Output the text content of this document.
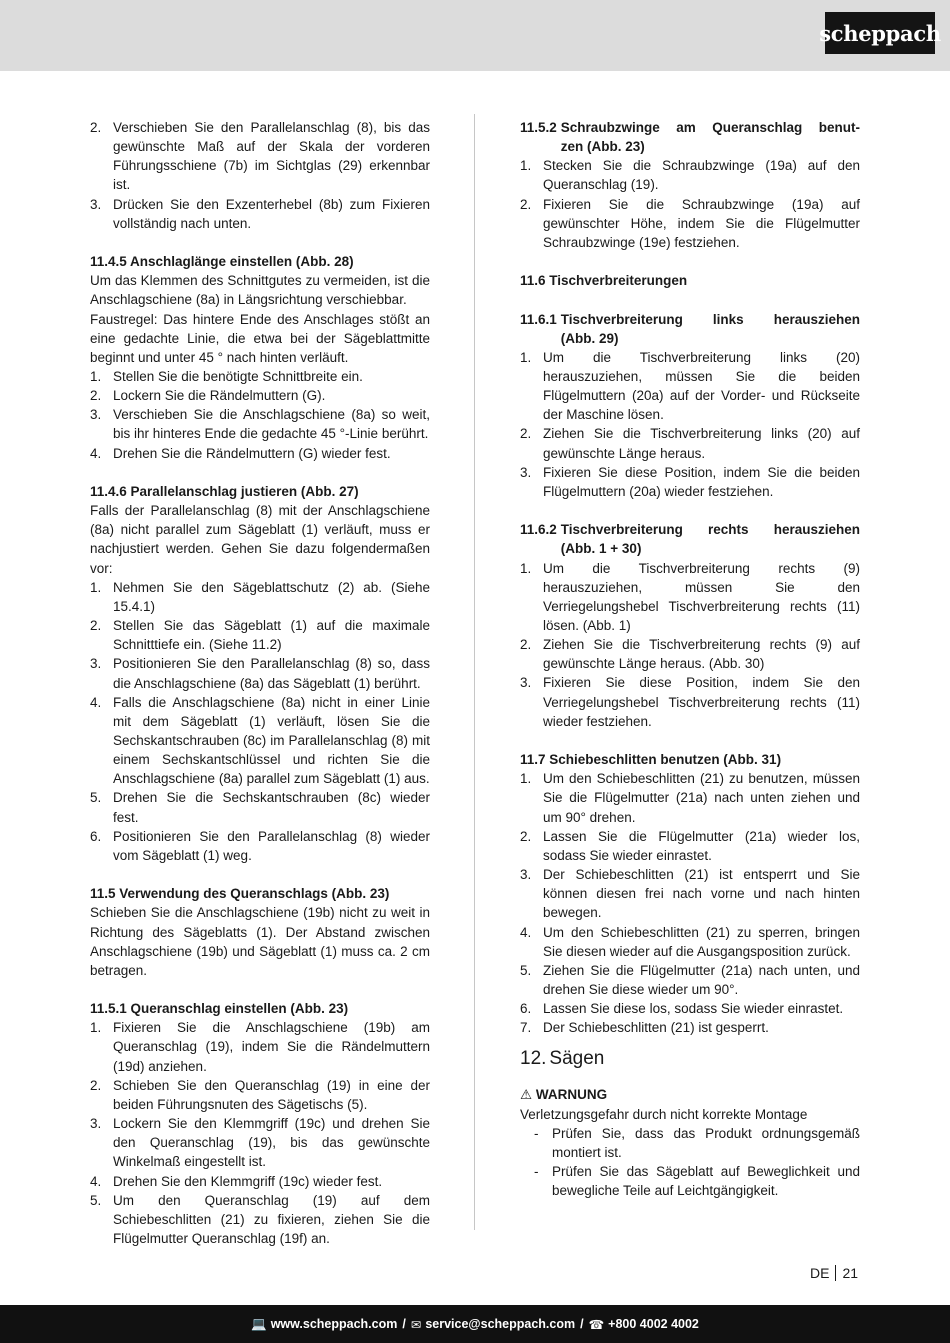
scheppach
2. Verschieben Sie den Parallelanschlag (8), bis das gewünschte Maß auf der Skala der vorderen Führungsschiene (7b) im Sichtglas (29) erkennbar ist.
3. Drücken Sie den Exzenterhebel (8b) zum Fixieren vollständig nach unten.
11.4.5 Anschlaglänge einstellen (Abb. 28)
Um das Klemmen des Schnittgutes zu vermeiden, ist die Anschlagschiene (8a) in Längsrichtung verschiebbar.
Faustregel: Das hintere Ende des Anschlages stößt an eine gedachte Linie, die etwa bei der Sägeblattmitte beginnt und unter 45 ° nach hinten verläuft.
1. Stellen Sie die benötigte Schnittbreite ein.
2. Lockern Sie die Rändelmuttern (G).
3. Verschieben Sie die Anschlagschiene (8a) so weit, bis ihr hinteres Ende die gedachte 45 °-Linie berührt.
4. Drehen Sie die Rändelmuttern (G) wieder fest.
11.4.6 Parallelanschlag justieren (Abb. 27)
Falls der Parallelanschlag (8) mit der Anschlagschiene (8a) nicht parallel zum Sägeblatt (1) verläuft, muss er nachjustiert werden. Gehen Sie dazu folgendermaßen vor:
1. Nehmen Sie den Sägeblattschutz (2) ab. (Siehe 15.4.1)
2. Stellen Sie das Sägeblatt (1) auf die maximale Schnitttiefe ein. (Siehe 11.2)
3. Positionieren Sie den Parallelanschlag (8) so, dass die Anschlagschiene (8a) das Sägeblatt (1) berührt.
4. Falls die Anschlagschiene (8a) nicht in einer Linie mit dem Sägeblatt (1) verläuft, lösen Sie die Sechskantschrauben (8c) im Parallelanschlag (8) mit einem Sechskantschlüssel und richten Sie die Anschlagschiene (8a) parallel zum Sägeblatt (1) aus.
5. Drehen Sie die Sechskantschrauben (8c) wieder fest.
6. Positionieren Sie den Parallelanschlag (8) wieder vom Sägeblatt (1) weg.
11.5 Verwendung des Queranschlags (Abb. 23)
Schieben Sie die Anschlagschiene (19b) nicht zu weit in Richtung des Sägeblatts (1). Der Abstand zwischen Anschlagschiene (19b) und Sägeblatt (1) muss ca. 2 cm betragen.
11.5.1 Queranschlag einstellen (Abb. 23)
1. Fixieren Sie die Anschlagschiene (19b) am Queranschlag (19), indem Sie die Rändelmuttern (19d) anziehen.
2. Schieben Sie den Queranschlag (19) in eine der beiden Führungsnuten des Sägetischs (5).
3. Lockern Sie den Klemmgriff (19c) und drehen Sie den Queranschlag (19), bis das gewünschte Winkelmaß eingestellt ist.
4. Drehen Sie den Klemmgriff (19c) wieder fest.
5. Um den Queranschlag (19) auf dem Schiebeschlitten (21) zu fixieren, ziehen Sie die Flügelmutter Queranschlag (19f) an.
11.5.2 Schraubzwinge am Queranschlag benut-
zen (Abb. 23)
1. Stecken Sie die Schraubzwinge (19a) auf den Queranschlag (19).
2. Fixieren Sie die Schraubzwinge (19a) auf gewünschter Höhe, indem Sie die Flügelmutter Schraubzwinge (19e) festziehen.
11.6 Tischverbreiterungen
11.6.1 Tischverbreiterung links herausziehen
(Abb. 29)
1. Um die Tischverbreiterung links (20) herauszuziehen, müssen Sie die beiden Flügelmuttern (20a) auf der Vorder- und Rückseite der Maschine lösen.
2. Ziehen Sie die Tischverbreiterung links (20) auf gewünschte Länge heraus.
3. Fixieren Sie diese Position, indem Sie die beiden Flügelmuttern (20a) wieder festziehen.
11.6.2 Tischverbreiterung rechts herausziehen
(Abb. 1 + 30)
1. Um die Tischverbreiterung rechts (9) herauszuziehen, müssen Sie den Verriegelungshebel Tischverbreiterung rechts (11) lösen. (Abb. 1)
2. Ziehen Sie die Tischverbreiterung rechts (9) auf gewünschte Länge heraus. (Abb. 30)
3. Fixieren Sie diese Position, indem Sie den Verriegelungshebel Tischverbreiterung rechts (11) wieder festziehen.
11.7 Schiebeschlitten benutzen (Abb. 31)
1. Um den Schiebeschlitten (21) zu benutzen, müssen Sie die Flügelmutter (21a) nach unten ziehen und um 90° drehen.
2. Lassen Sie die Flügelmutter (21a) wieder los, sodass Sie wieder einrastet.
3. Der Schiebeschlitten (21) ist entsperrt und Sie können diesen frei nach vorne und nach hinten bewegen.
4. Um den Schiebeschlitten (21) zu sperren, bringen Sie diesen wieder auf die Ausgangsposition zurück.
5. Ziehen Sie die Flügelmutter (21a) nach unten, und drehen Sie diese wieder um 90°.
6. Lassen Sie diese los, sodass Sie wieder einrastet.
7. Der Schiebeschlitten (21) ist gesperrt.
12. Sägen
⚠ WARNUNG
Verletzungsgefahr durch nicht korrekte Montage
- Prüfen Sie, dass das Produkt ordnungsgemäß montiert ist.
- Prüfen Sie das Sägeblatt auf Beweglichkeit und bewegliche Teile auf Leichtgängigkeit.
DE 21
💻 www.scheppach.com / ✉ service@scheppach.com / ☎ +800 4002 4002
